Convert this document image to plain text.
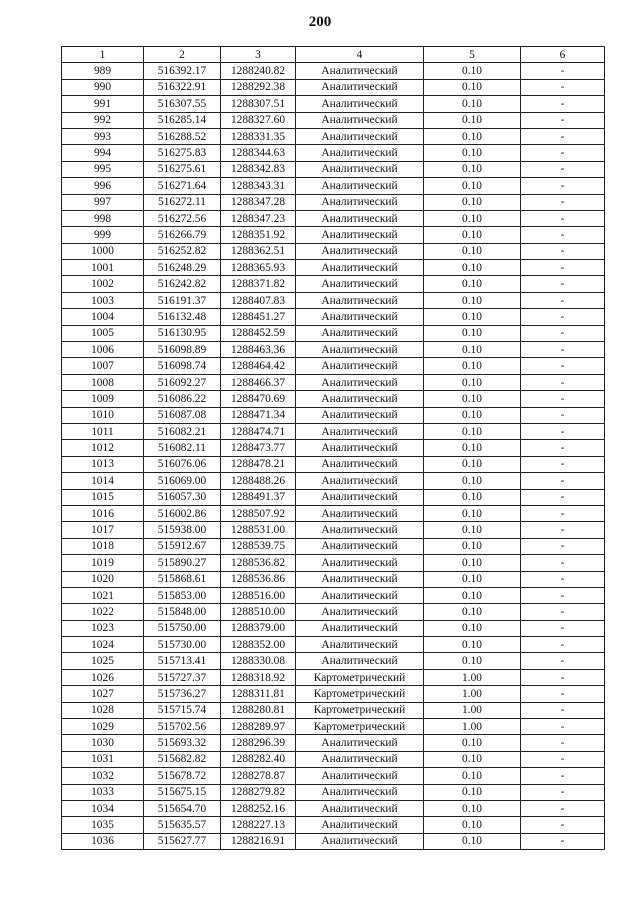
200
1	2	3	4	5	6
989	516392.17	1288240.82	Аналитический	0.10	-
990	516322.91	1288292.38	Аналитический	0.10	-
991	516307.55	1288307.51	Аналитический	0.10	-
992	516285.14	1288327.60	Аналитический	0.10	-
993	516288.52	1288331.35	Аналитический	0.10	-
994	516275.83	1288344.63	Аналитический	0.10	-
995	516275.61	1288342.83	Аналитический	0.10	-
996	516271.64	1288343.31	Аналитический	0.10	-
997	516272.11	1288347.28	Аналитический	0.10	-
998	516272.56	1288347.23	Аналитический	0.10	-
999	516266.79	1288351.92	Аналитический	0.10	-
1000	516252.82	1288362.51	Аналитический	0.10	-
1001	516248.29	1288365.93	Аналитический	0.10	-
1002	516242.82	1288371.82	Аналитический	0.10	-
1003	516191.37	1288407.83	Аналитический	0.10	-
1004	516132.48	1288451.27	Аналитический	0.10	-
1005	516130.95	1288452.59	Аналитический	0.10	-
1006	516098.89	1288463.36	Аналитический	0.10	-
1007	516098.74	1288464.42	Аналитический	0.10	-
1008	516092.27	1288466.37	Аналитический	0.10	-
1009	516086.22	1288470.69	Аналитический	0.10	-
1010	516087.08	1288471.34	Аналитический	0.10	-
1011	516082.21	1288474.71	Аналитический	0.10	-
1012	516082.11	1288473.77	Аналитический	0.10	-
1013	516076.06	1288478.21	Аналитический	0.10	-
1014	516069.00	1288488.26	Аналитический	0.10	-
1015	516057.30	1288491.37	Аналитический	0.10	-
1016	516002.86	1288507.92	Аналитический	0.10	-
1017	515938.00	1288531.00	Аналитический	0.10	-
1018	515912.67	1288539.75	Аналитический	0.10	-
1019	515890.27	1288536.82	Аналитический	0.10	-
1020	515868.61	1288536.86	Аналитический	0.10	-
1021	515853.00	1288516.00	Аналитический	0.10	-
1022	515848.00	1288510.00	Аналитический	0.10	-
1023	515750.00	1288379.00	Аналитический	0.10	-
1024	515730.00	1288352.00	Аналитический	0.10	-
1025	515713.41	1288330.08	Аналитический	0.10	-
1026	515727.37	1288318.92	Картометрический	1.00	-
1027	515736.27	1288311.81	Картометрический	1.00	-
1028	515715.74	1288280.81	Картометрический	1.00	-
1029	515702.56	1288289.97	Картометрический	1.00	-
1030	515693.32	1288296.39	Аналитический	0.10	-
1031	515682.82	1288282.40	Аналитический	0.10	-
1032	515678.72	1288278.87	Аналитический	0.10	-
1033	515675.15	1288279.82	Аналитический	0.10	-
1034	515654.70	1288252.16	Аналитический	0.10	-
1035	515635.57	1288227.13	Аналитический	0.10	-
1036	515627.77	1288216.91	Аналитический	0.10	-
